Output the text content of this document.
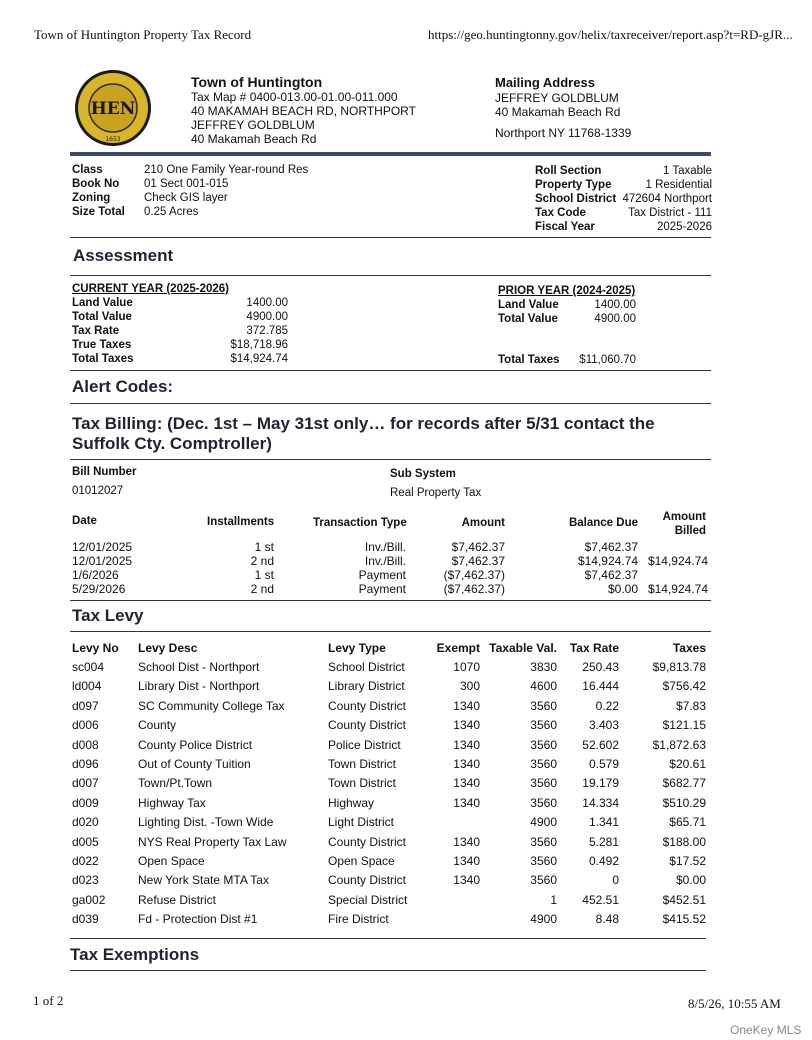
Town of Huntington Property Tax Record	https://geo.huntingtonny.gov/helix/taxreceiver/report.asp?t=RD-gJR...
HEN
1653
Town of Huntington
Tax Map # 0400-013.00-01.00-011.000
40 MAKAMAH BEACH RD, NORTHPORT
JEFFREY GOLDBLUM
40 Makamah Beach Rd
Mailing Address
JEFFREY GOLDBLUM
40 Makamah Beach Rd
Northport NY 11768-1339
Class	210 One Family Year-round Res
Book No	01 Sect 001-015
Zoning	Check GIS layer
Size Total	0.25 Acres
Roll Section	1 Taxable
Property Type	1 Residential
School District 472604 Northport
Tax Code	Tax District - 111
Fiscal Year	2025-2026
Assessment
CURRENT YEAR (2025-2026)
Land Value	1400.00
Total Value	4900.00
Tax Rate	372.785
True Taxes	$18,718.96
Total Taxes	$14,924.74
PRIOR YEAR (2024-2025)
Land Value	1400.00
Total Value	4900.00
Total Taxes $11,060.70
Alert Codes:
Tax Billing: (Dec. 1st – May 31st only… for records after 5/31 contact the Suffolk Cty. Comptroller)
Bill Number
01012027
Sub System
Real Property Tax
Date	Installments	Transaction Type	Amount	Balance Due	Amount Billed
12/01/2025	1 st	Inv./Bill.	$7,462.37	$7,462.37	
12/01/2025	2 nd	Inv./Bill.	$7,462.37	$14,924.74	$14,924.74
1/6/2026	1 st	Payment	($7,462.37)	$7,462.37	
5/29/2026	2 nd	Payment	($7,462.37)	$0.00	$14,924.74
Tax Levy
Levy No	Levy Desc	Levy Type	Exempt	Taxable Val.	Tax Rate	Taxes
sc004	School Dist - Northport	School District	1070	3830	250.43	$9,813.78
ld004	Library Dist - Northport	Library District	300	4600	16.444	$756.42
d097	SC Community College Tax	County District	1340	3560	0.22	$7.83
d006	County	County District	1340	3560	3.403	$121.15
d008	County Police District	Police District	1340	3560	52.602	$1,872.63
d096	Out of County Tuition	Town District	1340	3560	0.579	$20.61
d007	Town/Pt.Town	Town District	1340	3560	19.179	$682.77
d009	Highway Tax	Highway	1340	3560	14.334	$510.29
d020	Lighting Dist. -Town Wide	Light District		4900	1.341	$65.71
d005	NYS Real Property Tax Law	County District	1340	3560	5.281	$188.00
d022	Open Space	Open Space	1340	3560	0.492	$17.52
d023	New York State MTA Tax	County District	1340	3560	0	$0.00
ga002	Refuse District	Special District		1	452.51	$452.51
d039	Fd - Protection Dist #1	Fire District		4900	8.48	$415.52
Tax Exemptions
1 of 2	8/5/26, 10:55 AM
OneKey MLS
